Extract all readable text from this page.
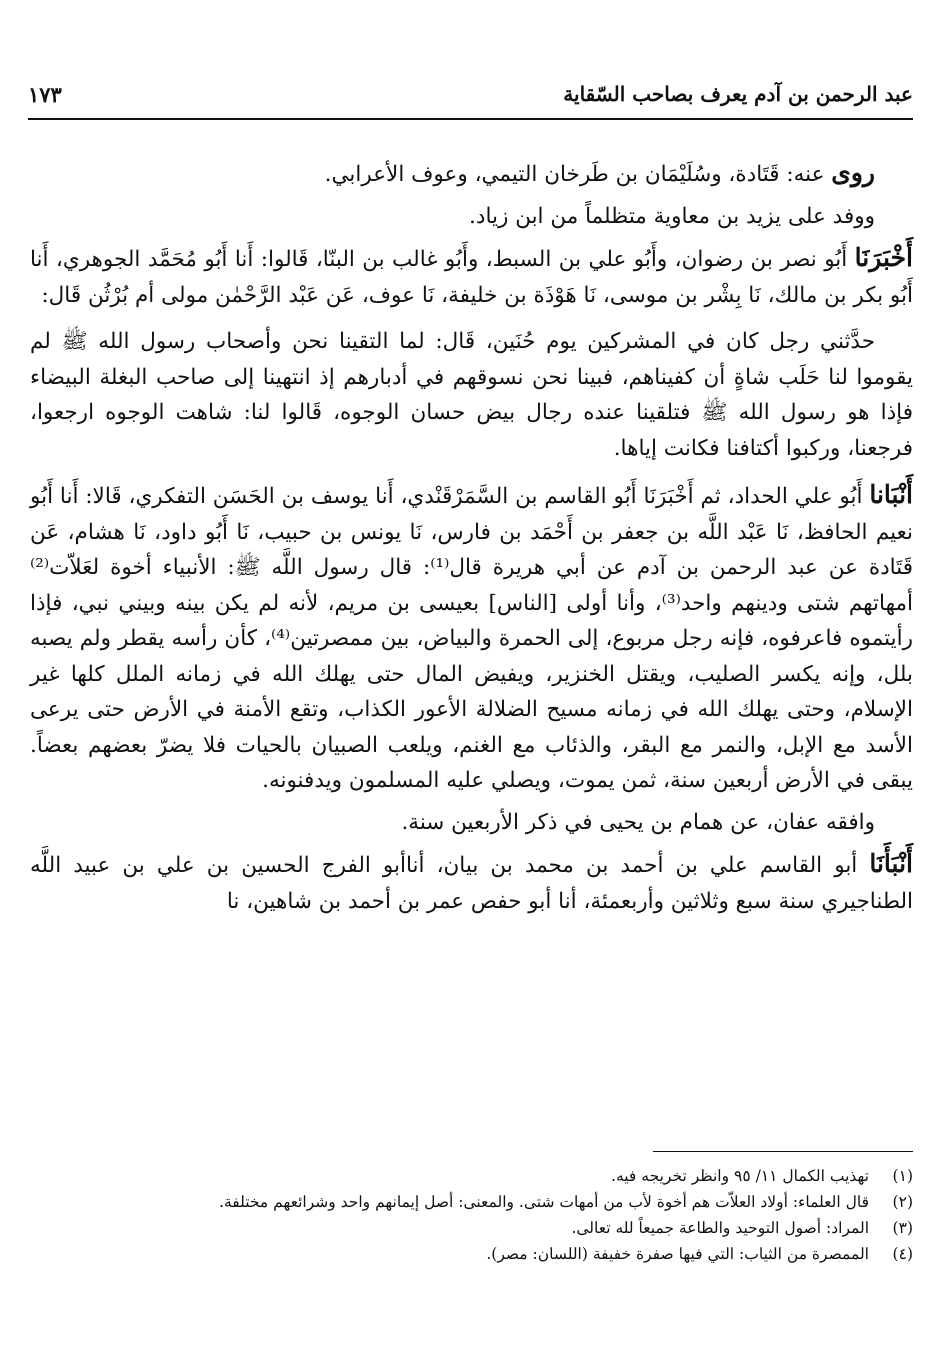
عبد الرحمن بن آدم يعرف بصاحب السّقاية
١٧٣

روى عنه: قَتَادة، وسُلَيْمَان بن طَرخان التيمي، وعوف الأعرابي.

ووفد على يزيد بن معاوية متظلماً من ابن زياد.

أَخْبَرَنَا أَبُو نصر بن رضوان، وأَبُو علي بن السبط، وأَبُو غالب بن البنّا، قَالوا: أَنا أَبُو مُحَمَّد الجوهري، أَنا أَبُو بكر بن مالك، نَا بِشْر بن موسى، نَا هَوْذَة بن خليفة، نَا عوف، عَن عَبْد الرَّحْمٰن مولى أم بُرْثُن قَال:

حدَّثني رجل كان في المشركين يوم حُنَين، قَال: لما التقينا نحن وأصحاب رسول الله ﷺ لم يقوموا لنا حَلَب شاةٍ أن كفيناهم، فبينا نحن نسوقهم في أدبارهم إذ انتهينا إلى صاحب البغلة البيضاء فإذا هو رسول الله ﷺ فتلقينا عنده رجال بيض حسان الوجوه، قَالوا لنا: شاهت الوجوه ارجعوا، فرجعنا، وركبوا أكتافنا فكانت إياها.

أَنْبَانا أَبُو علي الحداد، ثم أَخْبَرَنَا أَبُو القاسم بن السَّمَرْقَنْدي، أَنا يوسف بن الحَسَن التفكري، قَالا: أَنا أَبُو نعيم الحافظ، نَا عَبْد اللَّه بن جعفر بن أَحْمَد بن فارس، نَا يونس بن حبيب، نَا أَبُو داود، نَا هشام، عَن قَتَادة عن عبد الرحمن بن آدم عن أبي هريرة قال⁽¹⁾: قال رسول اللَّه ﷺ: الأنبياء أخوة لعَلاّت⁽²⁾ أمهاتهم شتى ودينهم واحد⁽³⁾، وأنا أولى [الناس] بعيسى بن مريم، لأنه لم يكن بينه وبيني نبي، فإذا رأيتموه فاعرفوه، فإنه رجل مربوع، إلى الحمرة والبياض، بين ممصرتين⁽⁴⁾، كأن رأسه يقطر ولم يصبه بلل، وإنه يكسر الصليب، ويقتل الخنزير، ويفيض المال حتى يهلك الله في زمانه الملل كلها غير الإسلام، وحتى يهلك الله في زمانه مسيح الضلالة الأعور الكذاب، وتقع الأمنة في الأرض حتى يرعى الأسد مع الإبل، والنمر مع البقر، والذئاب مع الغنم، ويلعب الصبيان بالحيات فلا يضرّ بعضهم بعضاً. يبقى في الأرض أربعين سنة، ثمن يموت، ويصلي عليه المسلمون ويدفنونه.

وافقه عفان، عن همام بن يحيى في ذكر الأربعين سنة.

أَنْبَأَنَا أبو القاسم علي بن أحمد بن محمد بن بيان، أناأبو الفرج الحسين بن علي بن عبيد اللَّه الطناجيري سنة سبع وثلاثين وأربعمئة، أنا أبو حفص عمر بن أحمد بن شاهين، نا

(١)
تهذيب الكمال ١١/ ٩٥ وانظر تخريجه فيه.

(٢)
قال العلماء: أولاد العلاّت هم أخوة لأب من أمهات شتى. والمعنى: أصل إيمانهم واحد وشرائعهم مختلفة.

(٣)
المراد: أصول التوحيد والطاعة جميعاً لله تعالى.

(٤)
الممصرة من الثياب: التي فيها صفرة خفيفة (اللسان: مصر).
